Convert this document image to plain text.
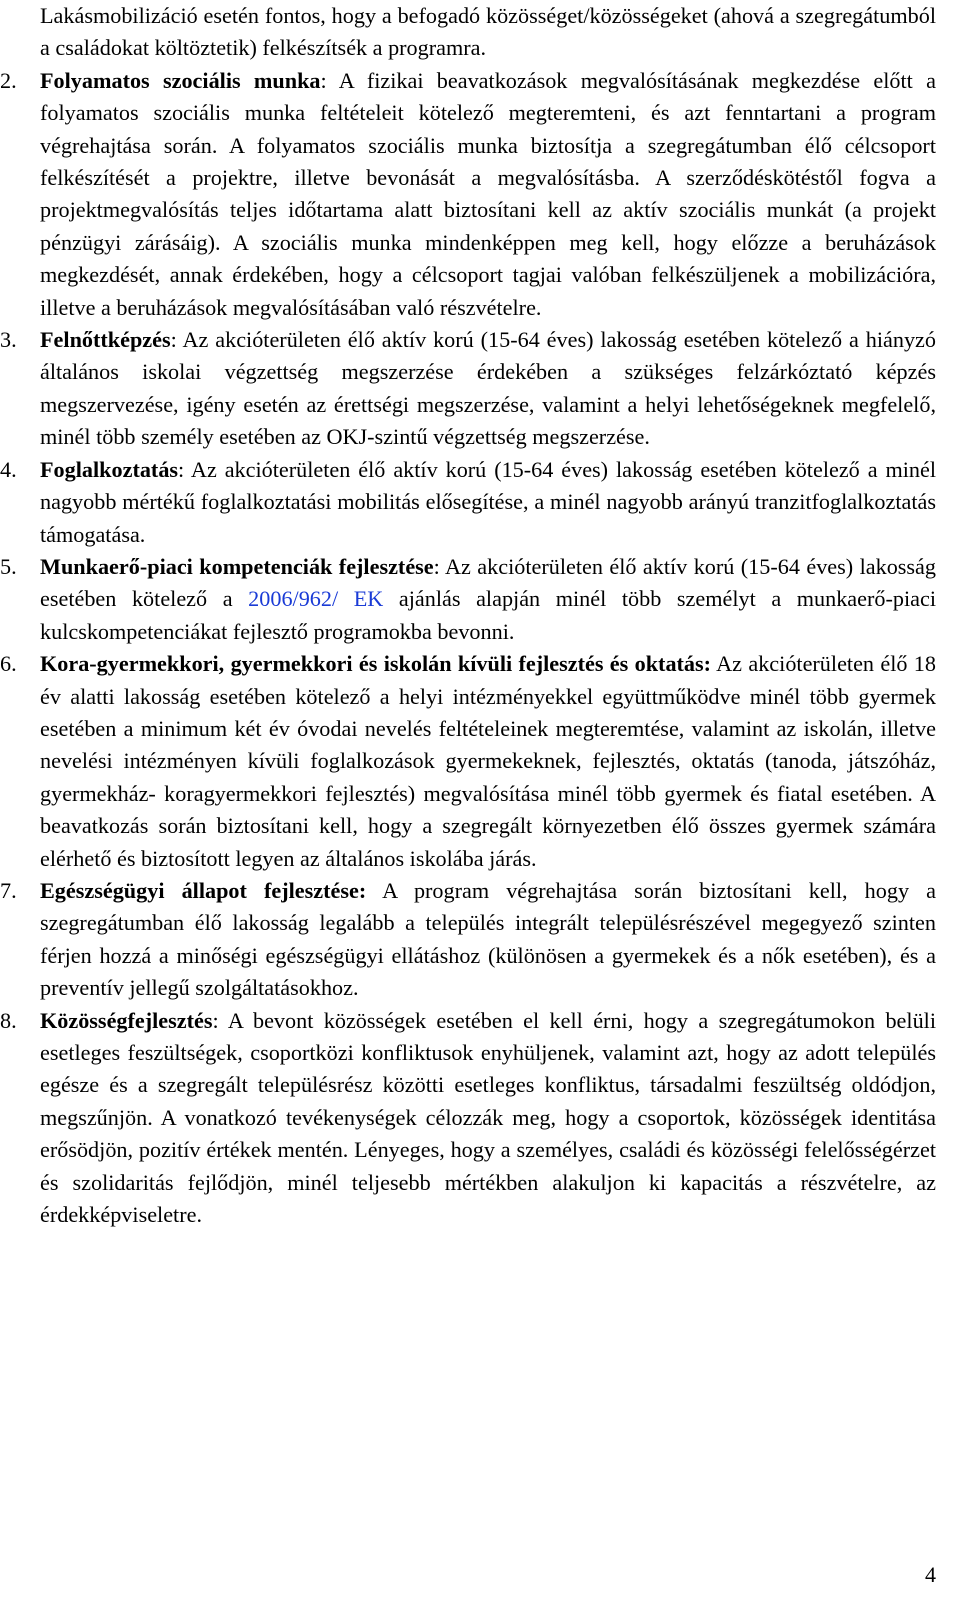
Lakásmobilizáció esetén fontos, hogy a befogadó közösséget/közösségeket (ahová a szegregátumból a családokat költöztetik) felkészítsék a programra.

2.	Folyamatos szociális munka: A fizikai beavatkozások megvalósításának megkezdése előtt a folyamatos szociális munka feltételeit kötelező megteremteni, és azt fenntartani a program végrehajtása során. A folyamatos szociális munka biztosítja a szegregátumban élő célcsoport felkészítését a projektre, illetve bevonását a megvalósításba. A szerződéskötéstől fogva a projektmegvalósítás teljes időtartama alatt biztosítani kell az aktív szociális munkát (a projekt pénzügyi zárásáig). A szociális munka mindenképpen meg kell, hogy előzze a beruházások megkezdését, annak érdekében, hogy a célcsoport tagjai valóban felkészüljenek a mobilizációra, illetve a beruházások megvalósításában való részvételre.
3.	Felnőttképzés: Az akcióterületen élő aktív korú (15-64 éves) lakosság esetében kötelező a hiányzó általános iskolai végzettség megszerzése érdekében a szükséges felzárkóztató képzés megszervezése, igény esetén az érettségi megszerzése, valamint a helyi lehetőségeknek megfelelő, minél több személy esetében az OKJ-szintű végzettség megszerzése.
4.	Foglalkoztatás: Az akcióterületen élő aktív korú (15-64 éves) lakosság esetében kötelező a minél nagyobb mértékű foglalkoztatási mobilitás elősegítése, a minél nagyobb arányú tranzitfoglalkoztatás támogatása.
5.	Munkaerő-piaci kompetenciák fejlesztése: Az akcióterületen élő aktív korú (15-64 éves) lakosság esetében kötelező a 2006/962/ EK ajánlás alapján minél több személyt a munkaerő-piaci kulcskompetenciákat fejlesztő programokba bevonni.
6.	Kora-gyermekkori, gyermekkori és iskolán kívüli fejlesztés és oktatás: Az akcióterületen élő 18 év alatti lakosság esetében kötelező a helyi intézményekkel együttműködve minél több gyermek esetében a minimum két év óvodai nevelés feltételeinek megteremtése, valamint az iskolán, illetve nevelési intézményen kívüli foglalkozások gyermekeknek, fejlesztés, oktatás (tanoda, játszóház, gyermekház- koragyermekkori fejlesztés) megvalósítása minél több gyermek és fiatal esetében. A beavatkozás során biztosítani kell, hogy a szegregált környezetben élő összes gyermek számára elérhető és biztosított legyen az általános iskolába járás.
7.	Egészségügyi állapot fejlesztése: A program végrehajtása során biztosítani kell, hogy a szegregátumban élő lakosság legalább a település integrált településrészével megegyező szinten férjen hozzá a minőségi egészségügyi ellátáshoz (különösen a gyermekek és a nők esetében), és a preventív jellegű szolgáltatásokhoz.
8.	Közösségfejlesztés: A bevont közösségek esetében el kell érni, hogy a szegregátumokon belüli esetleges feszültségek, csoportközi konfliktusok enyhüljenek, valamint azt, hogy az adott település egésze és a szegregált településrész közötti esetleges konfliktus, társadalmi feszültség oldódjon, megszűnjön. A vonatkozó tevékenységek célozzák meg, hogy a csoportok, közösségek identitása erősödjön, pozitív értékek mentén. Lényeges, hogy a személyes, családi és közösségi felelősségérzet és szolidaritás fejlődjön, minél teljesebb mértékben alakuljon ki kapacitás a részvételre, az érdekképviseletre.
4
